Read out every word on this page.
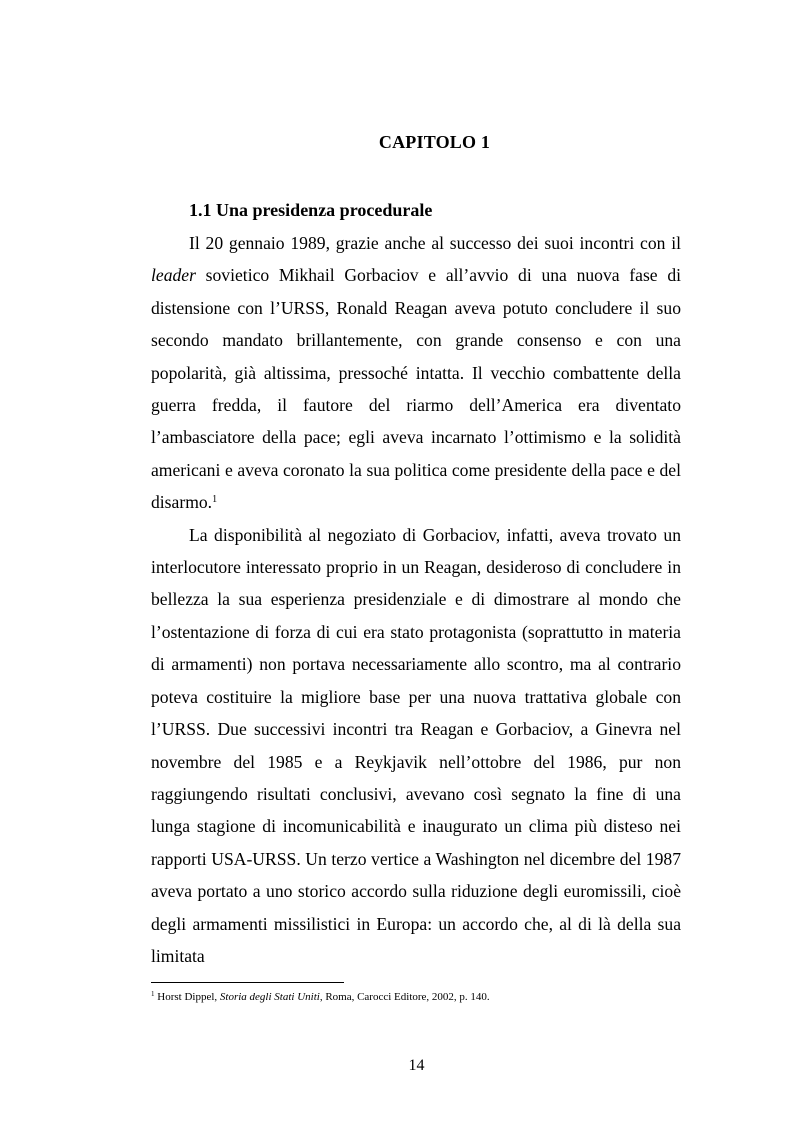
CAPITOLO 1
1.1 Una presidenza procedurale

Il 20 gennaio 1989, grazie anche al successo dei suoi incontri con il leader sovietico Mikhail Gorbaciov e all’avvio di una nuova fase di distensione con l’URSS, Ronald Reagan aveva potuto concludere il suo secondo mandato brillantemente, con grande consenso e con una popolarità, già altissima, pressoché intatta. Il vecchio combattente della guerra fredda, il fautore del riarmo dell’America era diventato l’ambasciatore della pace; egli aveva incarnato l’ottimismo e la solidità americani e aveva coronato la sua politica come presidente della pace e del disarmo.$^1$

La disponibilità al negoziato di Gorbaciov, infatti, aveva trovato un interlocutore interessato proprio in un Reagan, desideroso di concludere in bellezza la sua esperienza presidenziale e di dimostrare al mondo che l’ostentazione di forza di cui era stato protagonista (soprattutto in materia di armamenti) non portava necessariamente allo scontro, ma al contrario poteva costituire la migliore base per una nuova trattativa globale con l’URSS. Due successivi incontri tra Reagan e Gorbaciov, a Ginevra nel novembre del 1985 e a Reykjavik nell’ottobre del 1986, pur non raggiungendo risultati conclusivi, avevano così segnato la fine di una lunga stagione di incomunicabilità e inaugurato un clima più disteso nei rapporti USA-URSS. Un terzo vertice a Washington nel dicembre del 1987 aveva portato a uno storico accordo sulla riduzione degli euromissili, cioè degli armamenti missilistici in Europa: un accordo che, al di là della sua limitata

$^1$ Horst Dippel, Storia degli Stati Uniti, Roma, Carocci Editore, 2002, p. 140.
14
